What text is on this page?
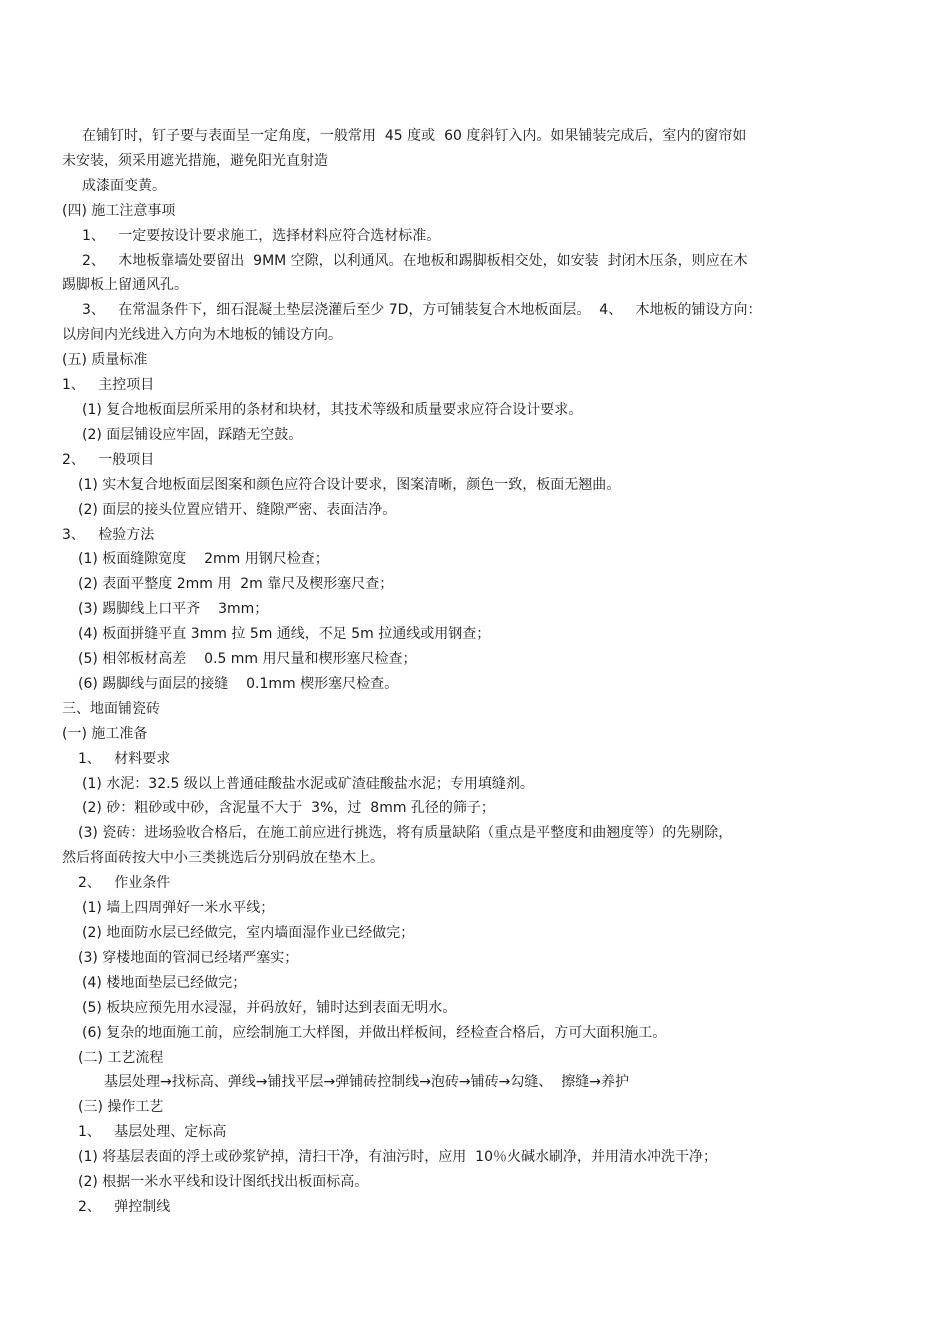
在铺钉时，钉子要与表面呈一定角度，一般常用  45 度或  60 度斜钉入内。如果铺装完成后，室内的窗帘如

未安装，须采用遮光措施，避免阳光直射造

成漆面变黄。

(四) 施工注意事项

1、   一定要按设计要求施工，选择材料应符合选材标准。

2、   木地板靠墙处要留出  9MM 空隙，以利通风。在地板和踢脚板相交处，如安装  封闭木压条，则应在木

踢脚板上留通风孔。

3、   在常温条件下，细石混凝土垫层浇灌后至少 7D，方可铺装复合木地板面层。  4、   木地板的铺设方向：

以房间内光线进入方向为木地板的铺设方向。

(五) 质量标准

1、   主控项目

(1) 复合地板面层所采用的条材和块材，其技术等级和质量要求应符合设计要求。

(2) 面层铺设应牢固，踩踏无空鼓。

2、   一般项目

(1) 实木复合地板面层图案和颜色应符合设计要求，图案清晰，颜色一致，板面无翘曲。

(2) 面层的接头位置应错开、缝隙严密、表面洁净。

3、   检验方法

(1) 板面缝隙宽度    2mm 用钢尺检查；

(2) 表面平整度 2mm 用  2m 靠尺及楔形塞尺查；

(3) 踢脚线上口平齐    3mm；

(4) 板面拼缝平直 3mm 拉 5m 通线，不足 5m 拉通线或用钢查；

(5) 相邻板材高差    0.5 mm 用尺量和楔形塞尺检查；

(6) 踢脚线与面层的接缝    0.1mm 楔形塞尺检查。

三、地面铺瓷砖

(一) 施工准备

1、   材料要求

(1) 水泥：32.5 级以上普通硅酸盐水泥或矿渣硅酸盐水泥；专用填缝剂。

(2) 砂：粗砂或中砂，含泥量不大于  3%，过  8mm 孔径的筛子；

(3) 瓷砖：进场验收合格后，在施工前应进行挑选，将有质量缺陷（重点是平整度和曲翘度等）的先剔除，

然后将面砖按大中小三类挑选后分别码放在垫木上。

2、   作业条件

(1) 墙上四周弹好一米水平线；

(2) 地面防水层已经做完，室内墙面湿作业已经做完；

(3) 穿楼地面的管洞已经堵严塞实；

(4) 楼地面垫层已经做完；

(5) 板块应预先用水浸湿，并码放好，铺时达到表面无明水。

(6) 复杂的地面施工前，应绘制施工大样图，并做出样板间，经检查合格后，方可大面积施工。

(二) 工艺流程

基层处理→找标高、弹线→铺找平层→弹铺砖控制线→泡砖→铺砖→勾缝、  擦缝→养护

(三) 操作工艺

1、   基层处理、定标高

(1) 将基层表面的浮土或砂浆铲掉，清扫干净，有油污时，应用  10％火碱水刷净，并用清水冲洗干净；

(2) 根据一米水平线和设计图纸找出板面标高。

2、   弹控制线
